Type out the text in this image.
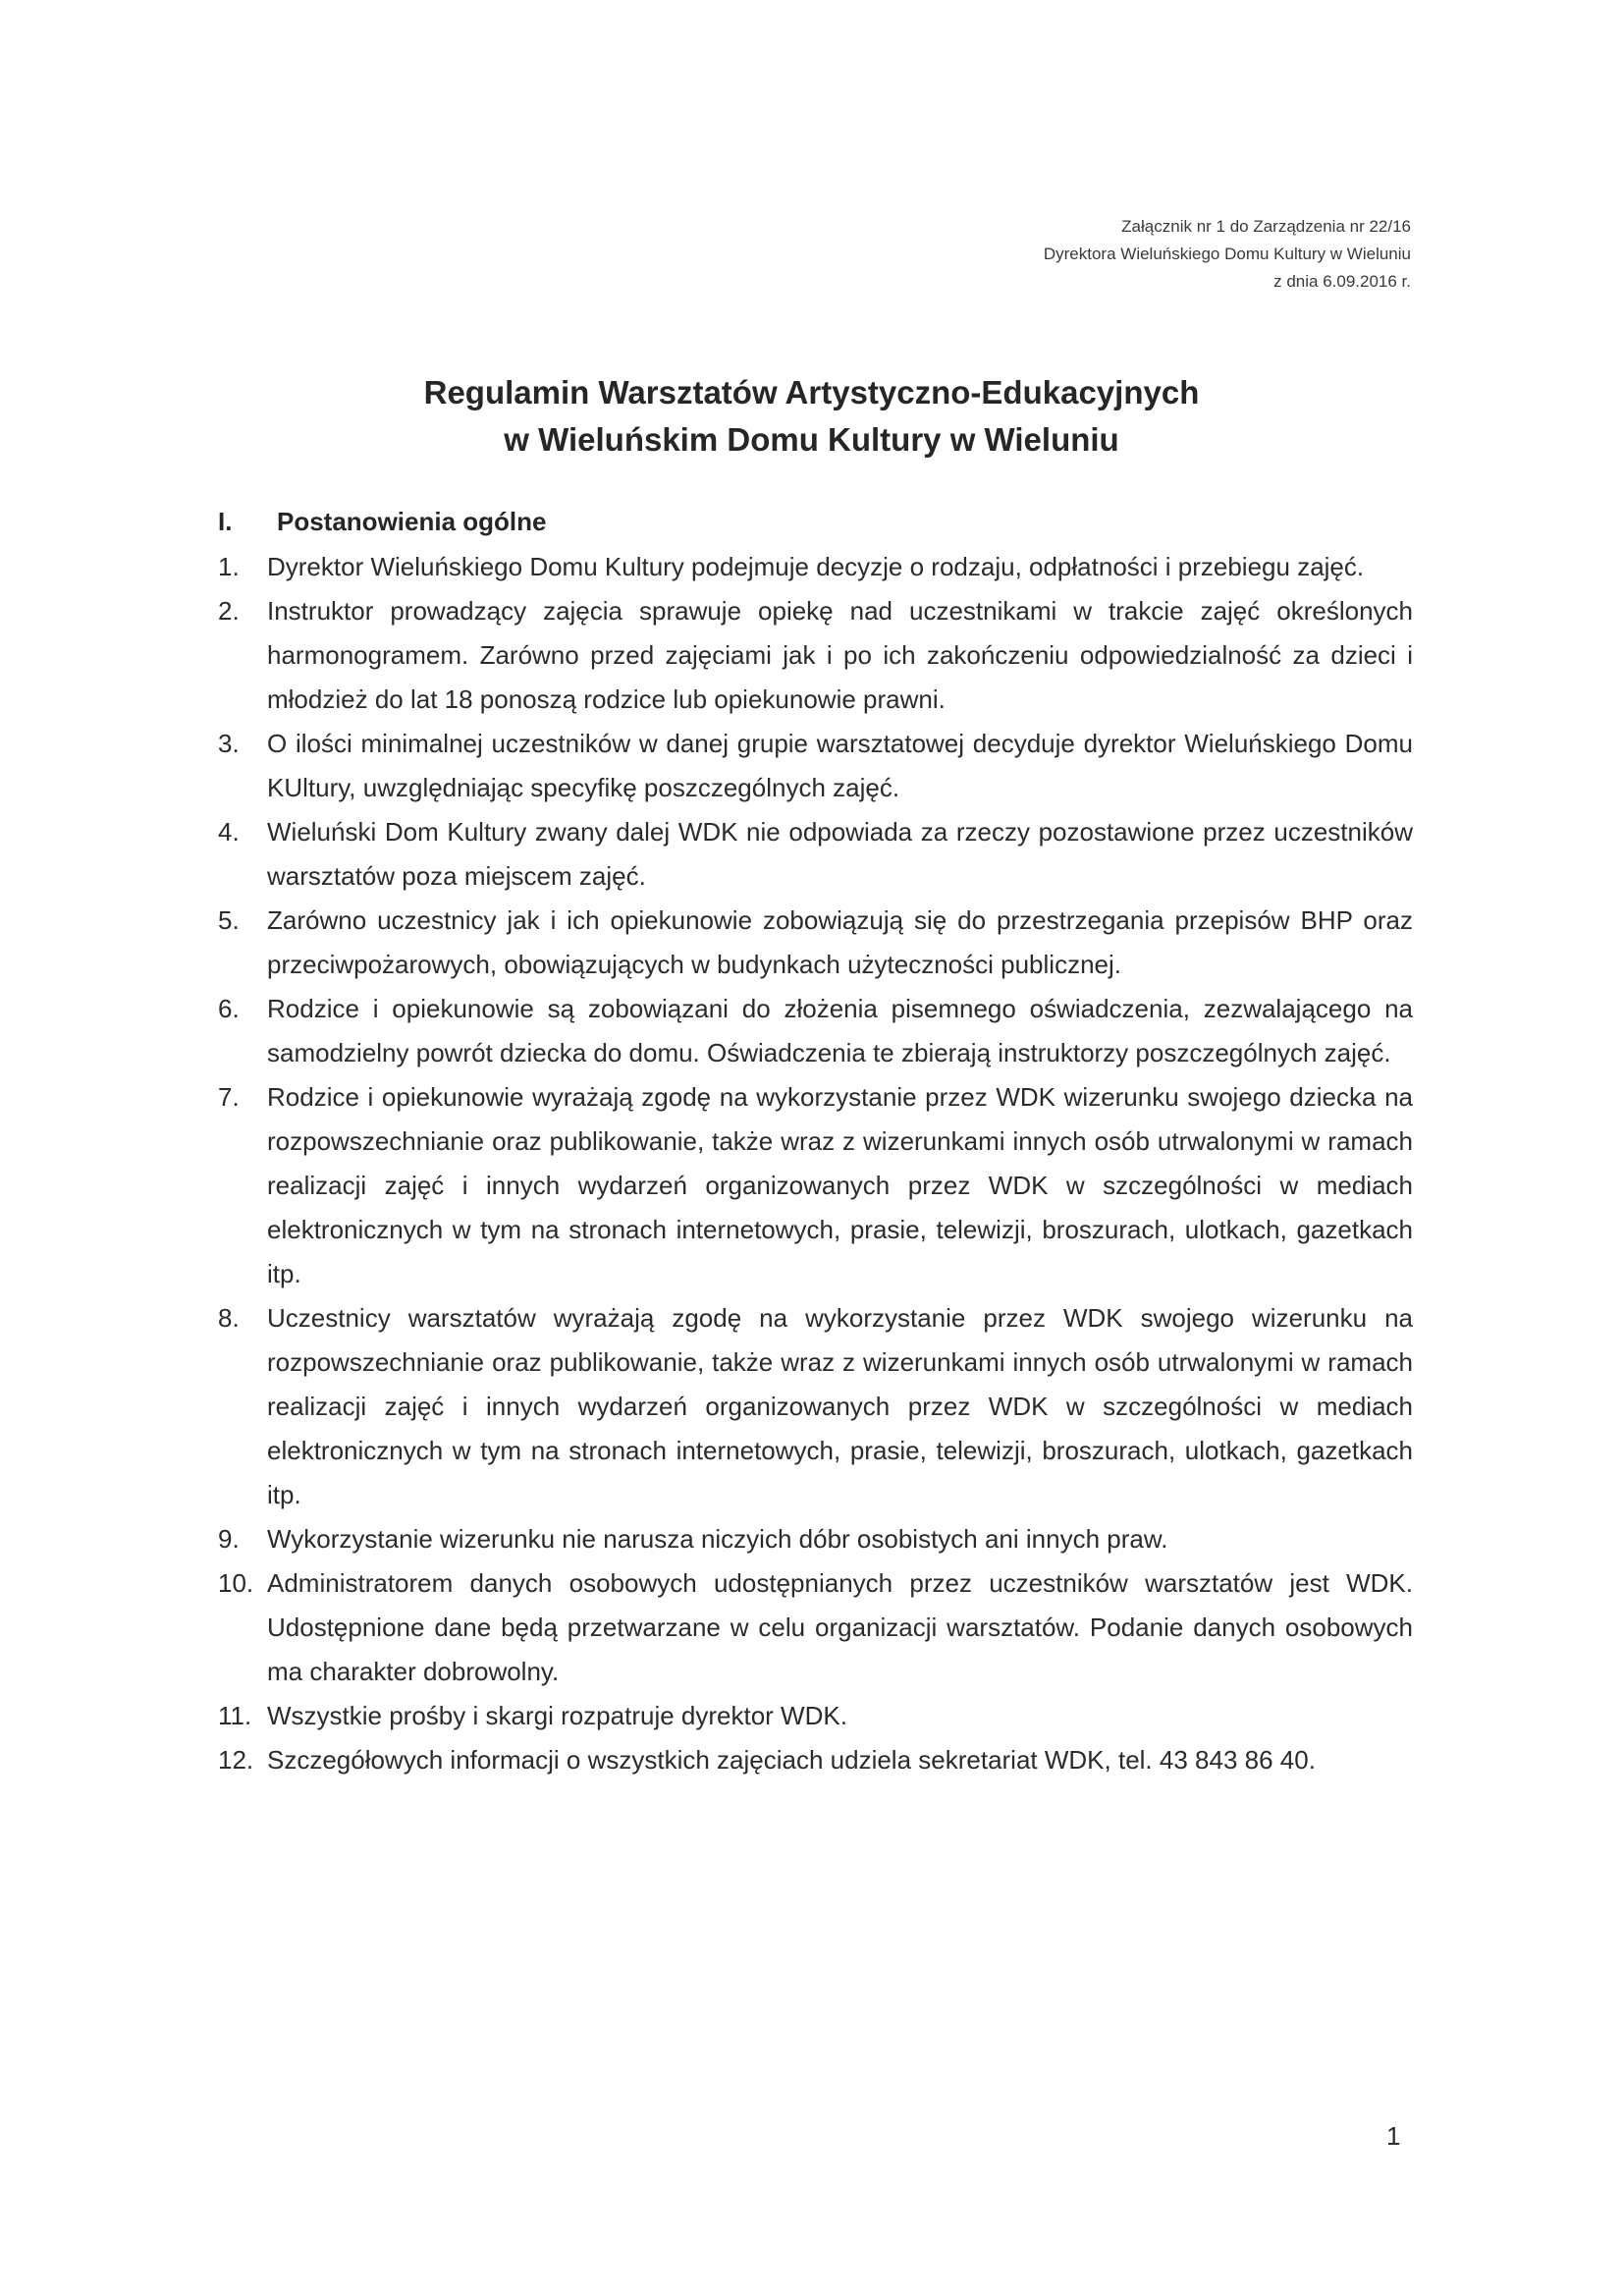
Załącznik nr 1 do Zarządzenia nr 22/16
Dyrektora Wieluńskiego Domu Kultury w Wieluniu
z dnia 6.09.2016 r.
Regulamin Warsztatów Artystyczno-Edukacyjnych
w Wieluńskim Domu Kultury w Wieluniu
I. Postanowienia ogólne
1.	Dyrektor Wieluńskiego Domu Kultury podejmuje decyzje o rodzaju, odpłatności i przebiegu zajęć.
2.	Instruktor prowadzący zajęcia sprawuje opiekę nad uczestnikami w trakcie zajęć określonych harmonogramem. Zarówno przed zajęciami jak i po ich zakończeniu odpowiedzialność za dzieci i młodzież do lat 18 ponoszą rodzice lub opiekunowie prawni.
3.	O ilości minimalnej uczestników w danej grupie warsztatowej decyduje dyrektor Wieluńskiego Domu KUltury, uwzględniając specyfikę poszczególnych zajęć.
4.	Wieluński Dom Kultury zwany dalej WDK nie odpowiada za rzeczy pozostawione przez uczestników warsztatów poza miejscem zajęć.
5.	Zarówno uczestnicy jak i ich opiekunowie zobowiązują się do przestrzegania przepisów BHP oraz przeciwpożarowych, obowiązujących w budynkach użyteczności publicznej.
6.	Rodzice i opiekunowie są zobowiązani do złożenia pisemnego oświadczenia, zezwalającego na samodzielny powrót dziecka do domu. Oświadczenia te zbierają instruktorzy poszczególnych zajęć.
7.	Rodzice i opiekunowie wyrażają zgodę na wykorzystanie przez WDK wizerunku swojego dziecka na rozpowszechnianie oraz publikowanie, także wraz z wizerunkami innych osób utrwalonymi w ramach realizacji zajęć i innych wydarzeń organizowanych przez WDK w szczególności w mediach elektronicznych w tym na stronach internetowych, prasie, telewizji, broszurach, ulotkach, gazetkach itp.
8.	Uczestnicy warsztatów wyrażają zgodę na wykorzystanie przez WDK swojego wizerunku na rozpowszechnianie oraz publikowanie, także wraz z wizerunkami innych osób utrwalonymi w ramach realizacji zajęć i innych wydarzeń organizowanych przez WDK w szczególności w mediach elektronicznych w tym na stronach internetowych, prasie, telewizji, broszurach, ulotkach, gazetkach itp.
9.	Wykorzystanie wizerunku nie narusza niczyich dóbr osobistych ani innych praw.
10. Administratorem danych osobowych udostępnianych przez uczestników warsztatów jest WDK. Udostępnione dane będą przetwarzane w celu organizacji warsztatów. Podanie danych osobowych ma charakter dobrowolny.
11. Wszystkie prośby i skargi rozpatruje dyrektor WDK.
12. Szczegółowych informacji o wszystkich zajęciach udziela sekretariat WDK, tel. 43 843 86 40.
1
